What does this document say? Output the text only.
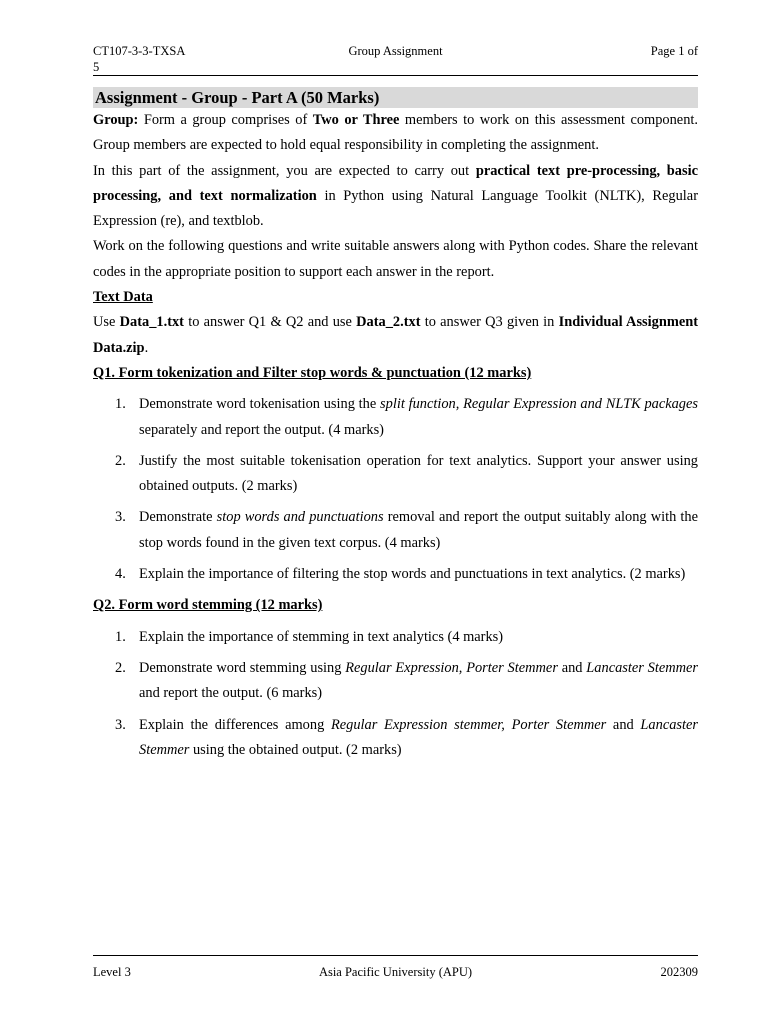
CT107-3-3-TXSA
5
Group Assignment	Page 1 of
Assignment - Group - Part A (50 Marks)

Group: Form a group comprises of Two or Three members to work on this assessment component. Group members are expected to hold equal responsibility in completing the assignment.

In this part of the assignment, you are expected to carry out practical text pre-processing, basic processing, and text normalization in Python using Natural Language Toolkit (NLTK), Regular Expression (re), and textblob.

Work on the following questions and write suitable answers along with Python codes. Share the relevant codes in the appropriate position to support each answer in the report.

Text Data

Use Data_1.txt to answer Q1 & Q2 and use Data_2.txt to answer Q3 given in Individual Assignment Data.zip.

Q1. Form tokenization and Filter stop words & punctuation (12 marks)

1. Demonstrate word tokenisation using the split function, Regular Expression and NLTK packages separately and report the output. (4 marks)
2. Justify the most suitable tokenisation operation for text analytics. Support your answer using obtained outputs. (2 marks)
3. Demonstrate stop words and punctuations removal and report the output suitably along with the stop words found in the given text corpus. (4 marks)
4. Explain the importance of filtering the stop words and punctuations in text analytics. (2 marks)

Q2. Form word stemming (12 marks)

1. Explain the importance of stemming in text analytics (4 marks)
2. Demonstrate word stemming using Regular Expression, Porter Stemmer and Lancaster Stemmer and report the output. (6 marks)
3. Explain the differences among Regular Expression stemmer, Porter Stemmer and Lancaster Stemmer using the obtained output. (2 marks)
Level 3	Asia Pacific University (APU)	202309
